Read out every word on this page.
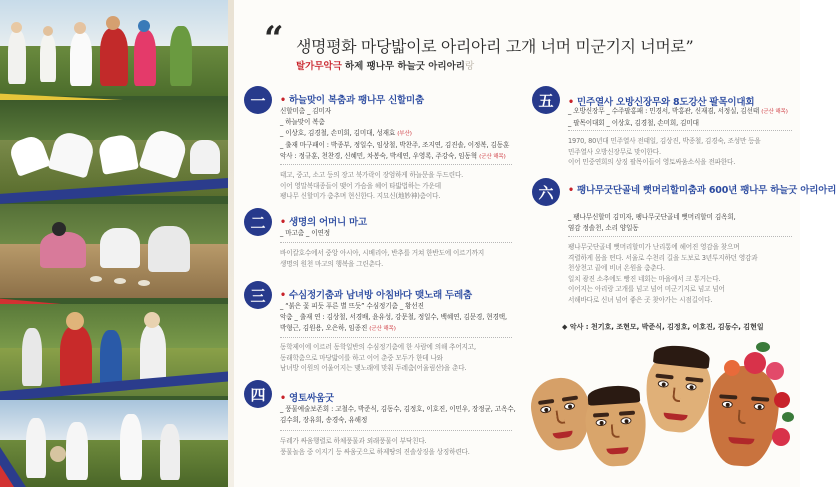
“ 생명평화 마당밟이로 아리아리 고개 너머 미군기지 너머로”
탈가무악극 하제 팽나무 하늘굿 아리아리랑
一	• 하늘맞이 복춤과 팽나무 신할미춤
신할미춤 _ 김미자
_ 하늘맞이 복춤
_ 이상호, 김경철, 손미희, 김미대, 성재효 (부산)
_ 출재 마구패이 : 박종부, 정일수, 임상철, 박찬주, 조지연, 김진솔, 이정복, 김동훈
악사 : 정규훈, 천찬경, 신혜민, 차봉숙, 박세연, 우영록, 주강숙, 임동혁 (군산 해목)
태고, 중고, 소고 등의 장고 북가락이 장엄하게 하늘문을 두드린다.
이어 영말복대종들이 맺어 가슴을 헤어 타밟법하는 가운데
팽나무 신할미가 춤추며 현신한다. 지묘신(地妙神)춤이다.
二	• 생명의 어머니 마고
_ 마고춤 _ 이연정
바이칼호수에서 중앙 아시아, 시베리아, 반추를 거쳐 한반도에 이르기까지
생명의 원천 마고의 행복을 그린춘다.
三	• 수심정기춤과 남녀방 아침바다 맺노래 두레춤
_ “붉은 꽃 피듯 푸른 별 뜨듯” 수심정기춤 _ 황선진
악춤 _ 출재 연 : 김상철, 서경배, 윤유성, 강문철, 정일수, 백혜연, 김문경, 현경택,
박형근, 김원용, 오은하, 임종진 (군산 해목)
동학제이에 이르러 동학일반의 수심정기춤에 한 사람에 의해 추어지고,
동래학춤으로 마당밟이를 하고 이어 춘중 모두가 한데 나와
남녀방 이원의 어울어지는 맺노래에 맞춰 두레춤(어울림산)을 춘다.
四	• 영토싸움굿
_ 풍물예술보존회 : 고철수, 박준식, 김동수, 김정호, 이호진, 이민우, 장정균, 고옥수,
김수희, 장유희, 송경숙, 유해정
두레가 싸움행렬로 하체풍물과 외래풍물이 부닥친다.
풍물놀음 중 이지기 등 싸움굿으로 하제땅의 진솔상징을 상징하련다.
五	• 민주열사 오방신장무와 8도강산 팔목이대회
_ 오방신장무 _ 수주팔홍패 : 민경서, 박홍관, 신재겸, 서정실, 김선태 (군산 해목)
_ 팔목이대회 _ 이상호, 김경철, 손미희, 김미대
1970, 80년대 민주열사 전태일, 김상진, 박종철, 김경숙, 조성만 등을
민주열사 오방신장무로 맞이한다.
이어 민중연희의 상징 팔목이들이 영토싸움소식을 전파한다.
六	• 팽나무굿단골네 뻣머리할미춤과 600년 팽나무 하늘굿 아리아리
_ 팽나무신할미 김미자, 팽나무굿단골네 뻣머리할미 김옥희,
염감 정솔천, 소리 양일동
팽나무굿단골네 뻣머리할미가 난리통에 헤어진 영감을 찾으며
격렬하게 몸을 떤다. 서울로 수천리 길을 도보로 3년투지하던 영감과
천상천고 끝에 비녀 온원을 춤춘다.
일치 광진 소추에도 빵진 네회는 마을에서 크 통거는다.
이어지는 아리랑 고개를 넘고 넘어 미군기지로 넘고 넘어
서해바다로 신녀 넘어 좋은 곳 찾아가는 시점길이다.
◆ 악사 : 천기호, 조현모, 박준식, 김정호, 이호진, 김동수, 김현일
